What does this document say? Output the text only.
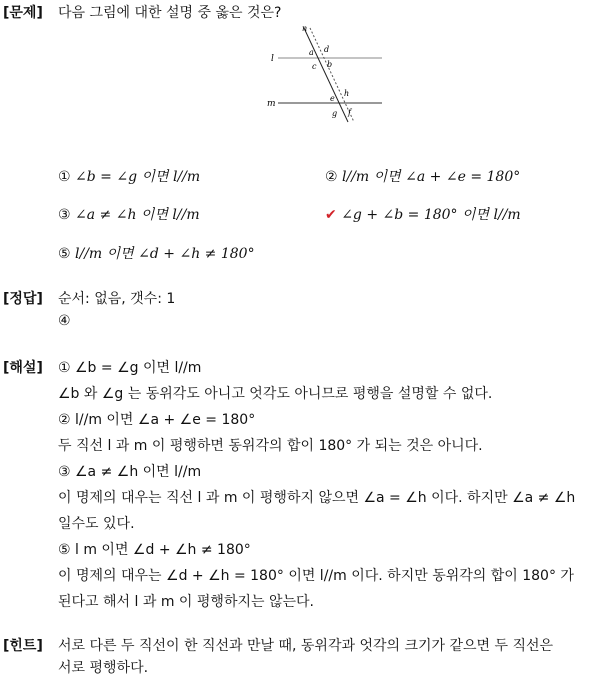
[문제] 다음 그림에 대한 설명 중 옳은 것은?
n
l
m
a d
c b
e
h
g f
① ∠b = ∠g 이면 l//m	② l//m 이면 ∠a + ∠e = 180°
③ ∠a ≠ ∠h 이면 l//m	✔ ∠g + ∠b = 180° 이면 l//m
⑤ l//m 이면 ∠d + ∠h ≠ 180°
[정답] 순서: 없음, 갯수: 1
④
[해설] ① ∠b = ∠g 이면 l//m
∠b 와 ∠g 는 동위각도 아니고 엇각도 아니므로 평행을 설명할 수 없다.
② l//m 이면 ∠a + ∠e = 180°
두 직선 l 과 m 이 평행하면 동위각의 합이 180° 가 되는 것은 아니다.
③ ∠a ≠ ∠h 이면 l//m
이 명제의 대우는 직선 l 과 m 이 평행하지 않으면 ∠a = ∠h 이다. 하지만 ∠a ≠ ∠h
일수도 있다.
⑤ l m 이면 ∠d + ∠h ≠ 180°
이 명제의 대우는 ∠d + ∠h = 180° 이면 l//m 이다. 하지만 동위각의 합이 180° 가
된다고 해서 l 과 m 이 평행하지는 않는다.
[힌트] 서로 다른 두 직선이 한 직선과 만날 때, 동위각과 엇각의 크기가 같으면 두 직선은
서로 평행하다.
